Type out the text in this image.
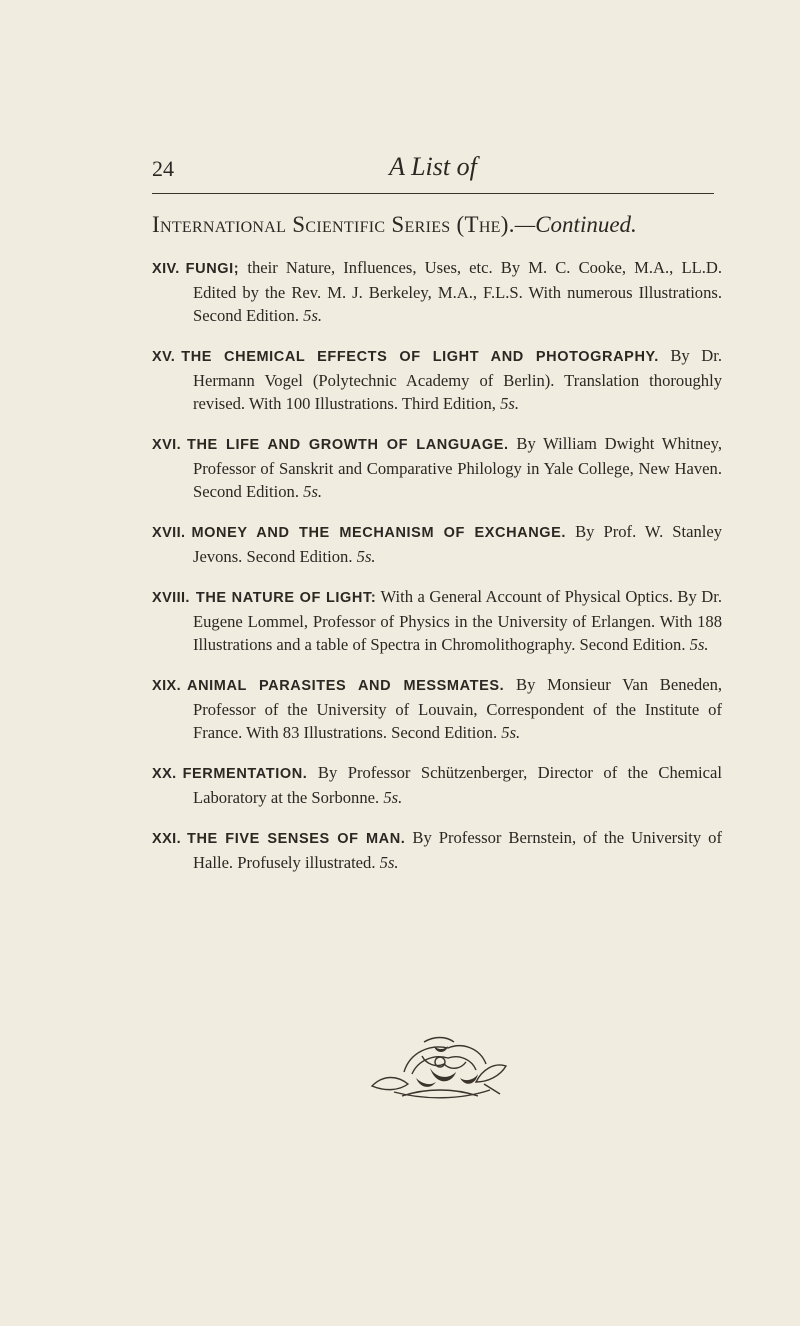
24	A List of
International Scientific Series (The).—Continued.
XIV. FUNGI; their Nature, Influences, Uses, etc. By M. C. Cooke, M.A., LL.D. Edited by the Rev. M. J. Berkeley, M.A., F.L.S. With numerous Illustrations. Second Edition. 5s.
XV. THE CHEMICAL EFFECTS OF LIGHT AND PHOTOGRAPHY. By Dr. Hermann Vogel (Polytechnic Academy of Berlin). Translation thoroughly revised. With 100 Illustrations. Third Edition, 5s.
XVI. THE LIFE AND GROWTH OF LANGUAGE. By William Dwight Whitney, Professor of Sanskrit and Comparative Philology in Yale College, New Haven. Second Edition. 5s.
XVII. MONEY AND THE MECHANISM OF EXCHANGE. By Prof. W. Stanley Jevons. Second Edition. 5s.
XVIII. THE NATURE OF LIGHT: With a General Account of Physical Optics. By Dr. Eugene Lommel, Professor of Physics in the University of Erlangen. With 188 Illustrations and a table of Spectra in Chromolithography. Second Edition. 5s.
XIX. ANIMAL PARASITES AND MESSMATES. By Monsieur Van Beneden, Professor of the University of Louvain, Correspondent of the Institute of France. With 83 Illustrations. Second Edition. 5s.
XX. FERMENTATION. By Professor Schützenberger, Director of the Chemical Laboratory at the Sorbonne. 5s.
XXI. THE FIVE SENSES OF MAN. By Professor Bernstein, of the University of Halle. Profusely illustrated. 5s.
